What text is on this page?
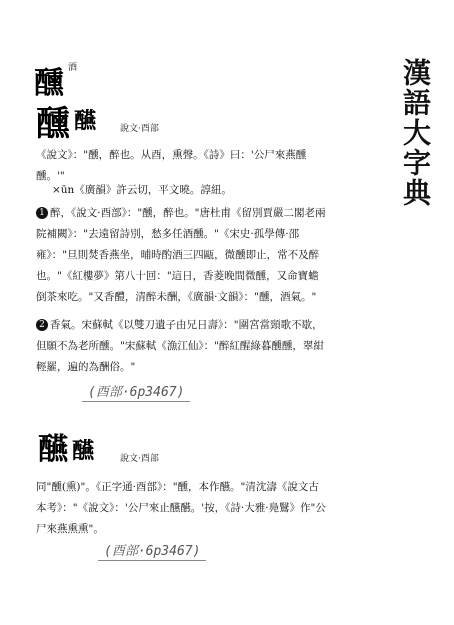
漢語大字典
醺 酒
醺 醼	說文·酉部
《說文》："醺，醉也。从酉，熏聲。《詩》曰：'公尸來燕醺醺。'"
×ūn《廣韻》許云切，平文曉。諄紐。
1 醉，《說文·酉部》："醺，醉也。"唐杜甫《留別賈嚴二閣老兩院補闕》："去遠留詩別，愁多任酒醺。"《宋史·孤學傳·邵雍》："旦則焚香燕坐，晡時酌酒三四甌，微醺即止，常不及醉也。"《紅樓夢》第八十回："這日，香菱晚間微醺，又命寶蟾倒茶來吃。"又香醴，清醉未酬，《廣韻·文韻》："醺，酒氣。"
2 香氣。宋蘇軾《以雙刀遺子由兄日壽》："圍宮當頸歌不歇，但願不為老所醺。"宋蘇軾《漁江仙》："醉紅醒綠暮醺醺，翠紺輕羅，遍的為酬俗。"
(酉部·6p3467)
醼 醼	說文·酉部
同"醺(熏)"。《正字通·酉部》："醺，本作醼。"清沈濤《說文古本考》："《說文》：'公尸來止醼醼。'按，《詩·大雅·鳧鷖》作"公尸來燕熏熏"。
(酉部·6p3467)
